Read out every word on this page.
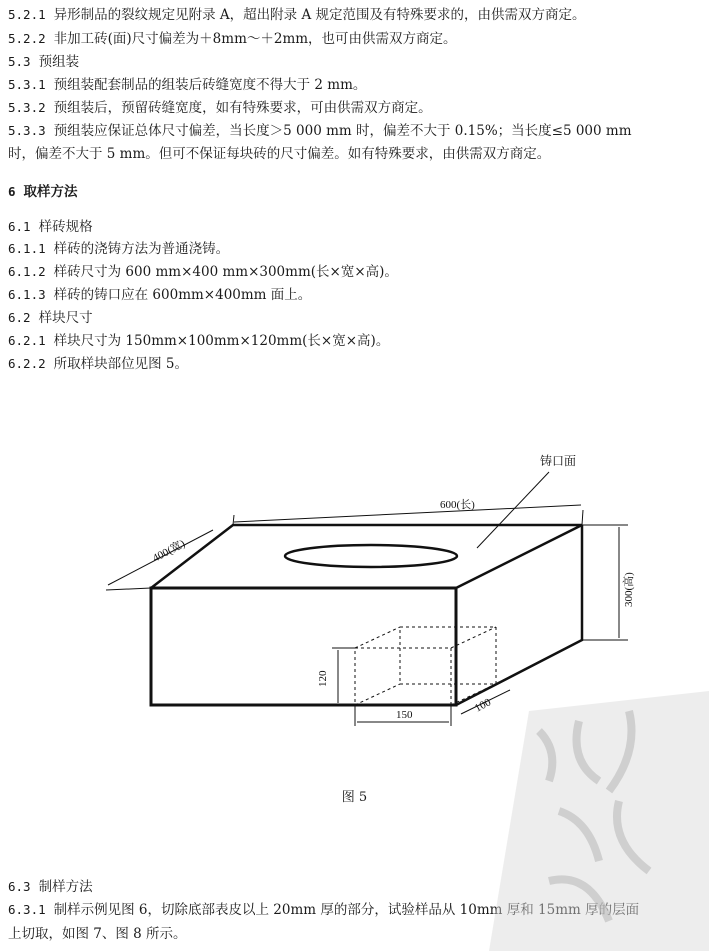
5.2.1 异形制品的裂纹规定见附录 A，超出附录 A 规定范围及有特殊要求的，由供需双方商定。
5.2.2 非加工砖(面)尺寸偏差为＋8mm～＋2mm，也可由供需双方商定。
5.3 预组装
5.3.1 预组装配套制品的组装后砖缝宽度不得大于 2 mm。
5.3.2 预组装后，预留砖缝宽度，如有特殊要求，可由供需双方商定。
5.3.3 预组装应保证总体尺寸偏差，当长度＞5 000 mm 时，偏差不大于 0.15%；当长度≤5 000 mm
时，偏差不大于 5 mm。但可不保证每块砖的尺寸偏差。如有特殊要求，由供需双方商定。
6 取样方法
6.1 样砖规格
6.1.1 样砖的浇铸方法为普通浇铸。
6.1.2 样砖尺寸为 600 mm×400 mm×300mm(长×宽×高)。
6.1.3 样砖的铸口应在 600mm×400mm 面上。
6.2 样块尺寸
6.2.1 样块尺寸为 150mm×100mm×120mm(长×宽×高)。
6.2.2 所取样块部位见图 5。
铸口面
600(长)
400(宽)
300(高)
120
150
100
图 5
6.3 制样方法
6.3.1 制样示例见图 6，切除底部表皮以上 20mm 厚的部分，试验样品从 10mm 厚和 15mm 厚的层面
上切取，如图 7、图 8 所示。
